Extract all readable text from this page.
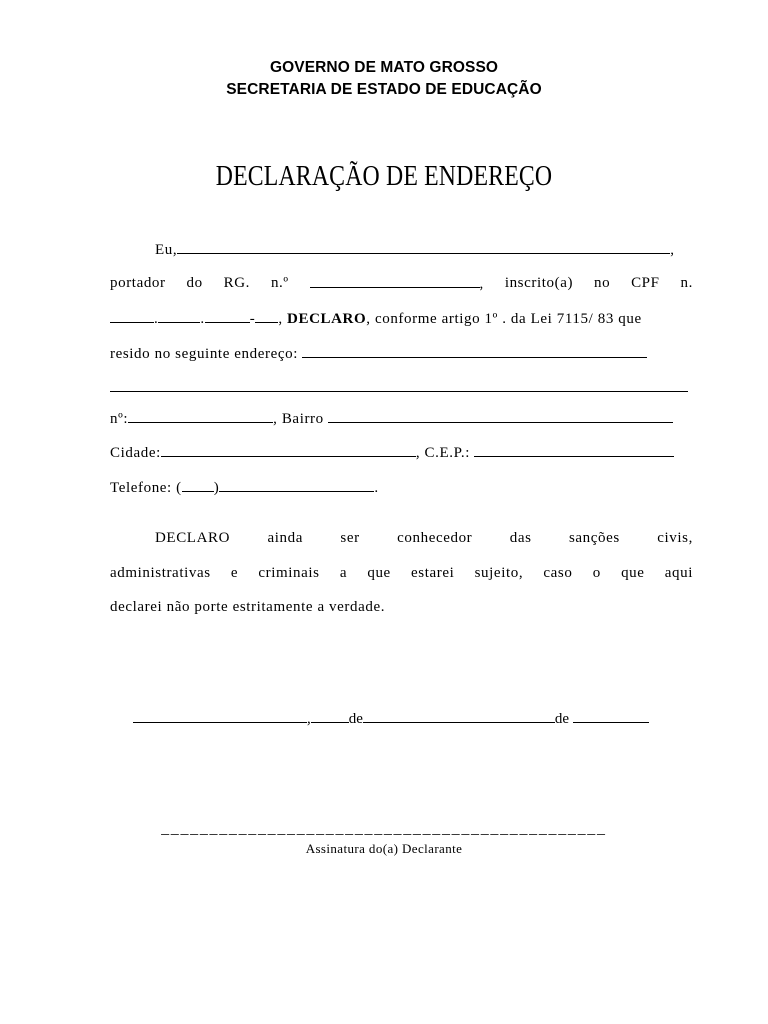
GOVERNO DE MATO GROSSO
SECRETARIA DE ESTADO DE EDUCAÇÃO
DECLARAÇÃO DE ENDEREÇO
Eu,	,
portador do RG. n.º	, inscrito(a) no CPF n.
.	.	- , DECLARO, conforme artigo 1º . da Lei 7115/ 83 que
resido no seguinte endereço:
nº:	, Bairro
Cidade:	, C.E.P.:
Telefone: ( )	.
DECLARO ainda ser conhecedor das sanções civis,
administrativas e criminais a que estarei sujeito, caso o que aqui
declarei não porte estritamente a verdade.
,	de	de
______________________________________________
Assinatura do(a) Declarante
